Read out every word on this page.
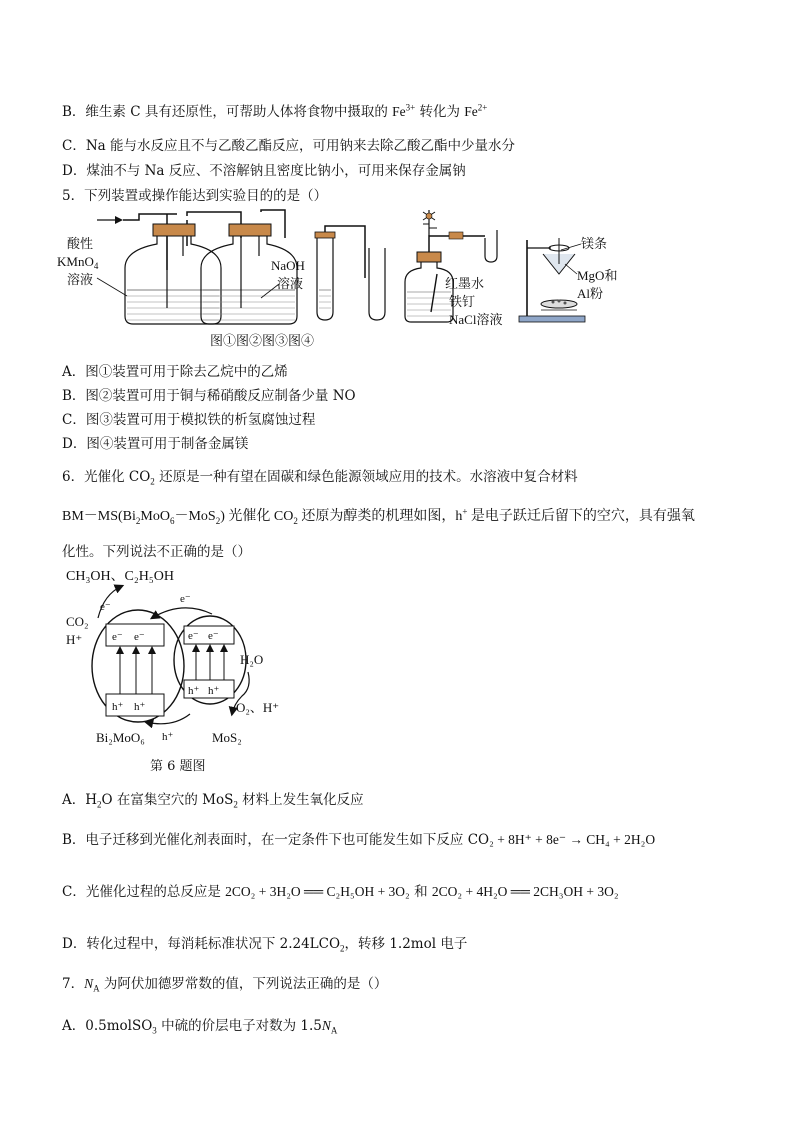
B．维生素 C 具有还原性，可帮助人体将食物中摄取的 $Fe^{3+}$ 转化为 $Fe^{2+}$
C．Na 能与水反应且不与乙酸乙酯反应，可用钠来去除乙酸乙酯中少量水分
D．煤油不与 Na 反应、不溶解钠且密度比钠小，可用来保存金属钠
5．下列装置或操作能达到实验目的的是（）
酸性
KMnO$_4$
溶液
NaOH
溶液	红墨水
铁钉
NaCl溶液
镁条
MgO和
Al粉
图①图②图③图④
A．图①装置可用于除去乙烷中的乙烯
B．图②装置可用于铜与稀硝酸反应制备少量 NO
C．图③装置可用于模拟铁的析氢腐蚀过程
D．图④装置可用于制备金属镁
6．光催化 $CO_2$ 还原是一种有望在固碳和绿色能源领域应用的技术。水溶液中复合材料
$BM-MS(Bi_2MoO_6-MoS_2)$ 光催化 $CO_2$ 还原为醇类的机理如图，h+ 是电子跃迁后留下的空穴，具有强氧
化性。下列说法不正确的是（）
CH₃OH、C₂H₅OH
CO₂
H⁺
e⁻
e⁻ e⁻
h⁺ h⁺
e⁻ e⁻
h⁺ h⁺
e⁻
h⁺
H₂O
O₂、H⁺
Bi₂MoO₆	MoS₂
第 6 题图
A．$H_2O$ 在富集空穴的 MoS$_2$ 材料上发生氧化反应
B．电子迁移到光催化剂表面时，在一定条件下也可能发生如下反应 CO₂ + 8H⁺ + 8e⁻ → CH₄ + 2H₂O
C．光催化过程的总反应是 2CO₂ + 3H₂O ══ C₂H₅OH + 3O₂ 和 2CO₂ + 4H₂O ══ 2CH₃OH + 3O₂
D．转化过程中，每消耗标准状况下 $2.24LCO_2$，转移 1.2mol 电子
7．$N_A$ 为阿伏加德罗常数的值，下列说法正确的是（）
A．0.5molSO$_3$ 中硫的价层电子对数为 $1.5N_A$
